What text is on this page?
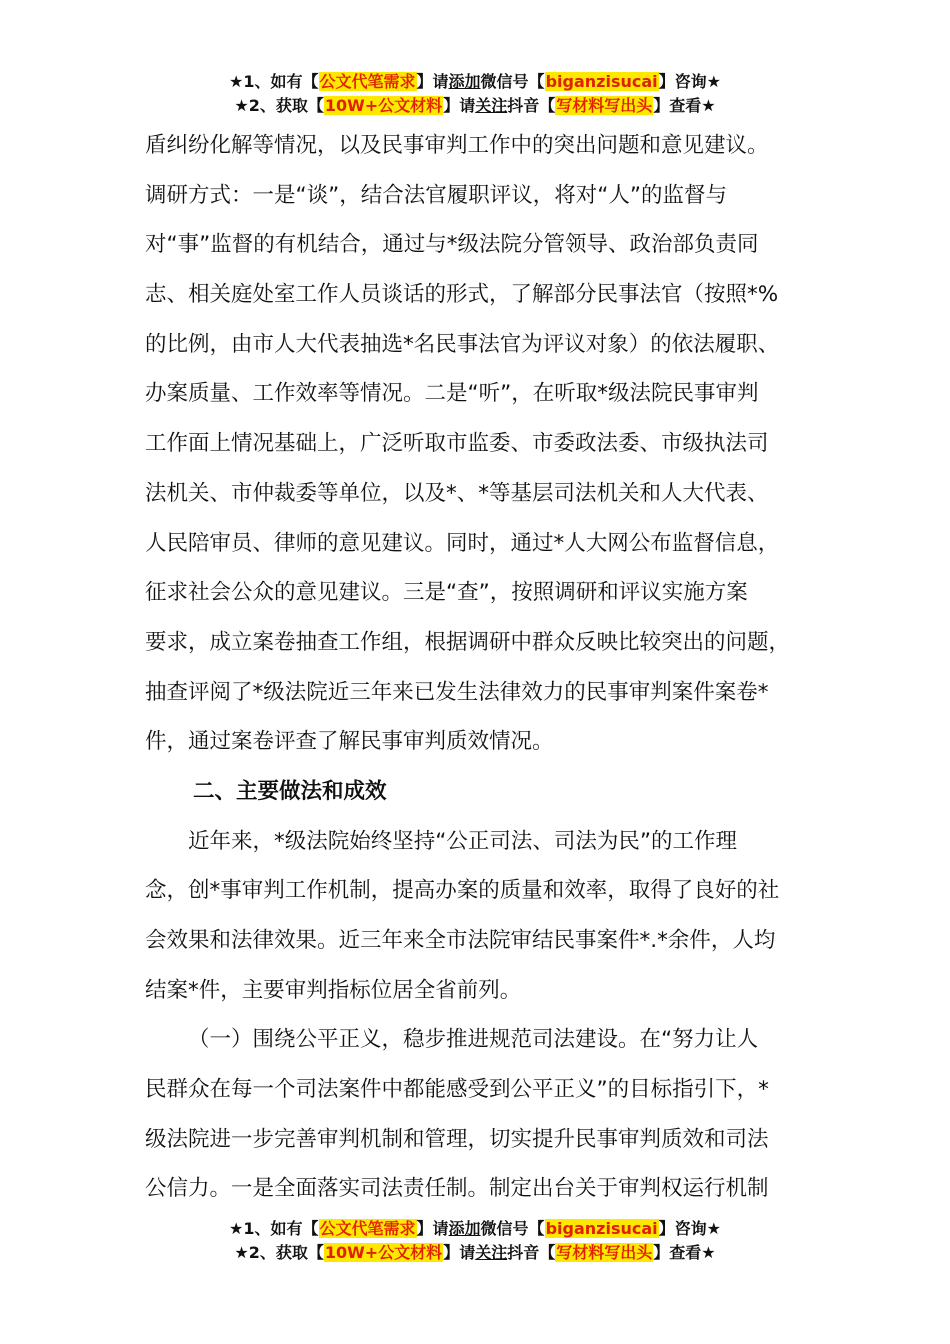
★1、如有【公文代笔需求】请添加微信号【biganzisucai】咨询★
★2、获取【10W+公文材料】请关注抖音【写材料写出头】查看★
盾纠纷化解等情况，以及民事审判工作中的突出问题和意见建议。
调研方式：一是“谈”，结合法官履职评议，将对“人”的监督与
对“事”监督的有机结合，通过与*级法院分管领导、政治部负责同
志、相关庭处室工作人员谈话的形式，了解部分民事法官（按照*%
的比例，由市人大代表抽选*名民事法官为评议对象）的依法履职、
办案质量、工作效率等情况。二是“听”，在听取*级法院民事审判
工作面上情况基础上，广泛听取市监委、市委政法委、市级执法司
法机关、市仲裁委等单位，以及*、*等基层司法机关和人大代表、
人民陪审员、律师的意见建议。同时，通过*人大网公布监督信息，
征求社会公众的意见建议。三是“查”，按照调研和评议实施方案
要求，成立案卷抽查工作组，根据调研中群众反映比较突出的问题，
抽查评阅了*级法院近三年来已发生法律效力的民事审判案件案卷*
件，通过案卷评查了解民事审判质效情况。
二、主要做法和成效
近年来，*级法院始终坚持“公正司法、司法为民”的工作理
念，创*事审判工作机制，提高办案的质量和效率，取得了良好的社
会效果和法律效果。近三年来全市法院审结民事案件*.*余件，人均
结案*件，主要审判指标位居全省前列。
（一）围绕公平正义，稳步推进规范司法建设。在“努力让人
民群众在每一个司法案件中都能感受到公平正义”的目标指引下，*
级法院进一步完善审判机制和管理，切实提升民事审判质效和司法
公信力。一是全面落实司法责任制。制定出台关于审判权运行机制
★1、如有【公文代笔需求】请添加微信号【biganzisucai】咨询★
★2、获取【10W+公文材料】请关注抖音【写材料写出头】查看★
